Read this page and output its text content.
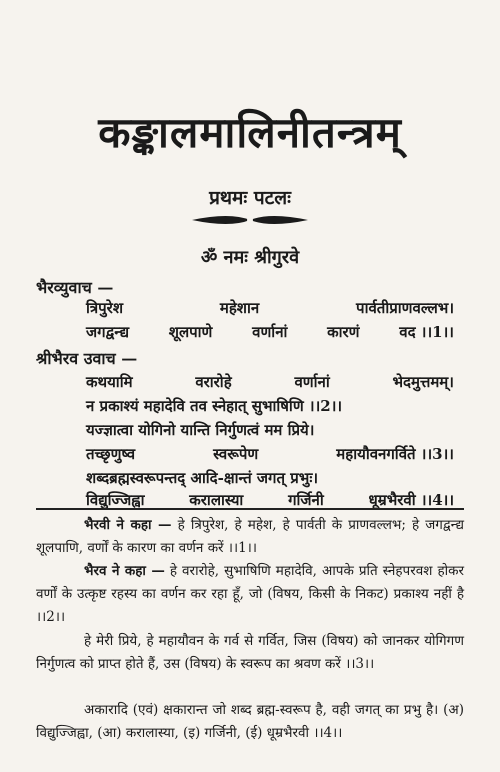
कङ्कालमालिनीतन्त्रम्
प्रथमः पटलः
ॐ नमः श्रीगुरवे
भैरव्युवाच —
त्रिपुरेश	महेशान	पार्वतीप्राणवल्लभ।
जगद्वन्द्य	शूलपाणे	वर्णानां	कारणं	वद ।।1।।
श्रीभैरव उवाच —
कथयामि	वरारोहे	वर्णानां	भेदमुत्तमम्।
न प्रकाश्यं महादेवि तव स्नेहात् सुभाषिणि ।।2।।
यज्ज्ञात्वा योगिनो यान्ति निर्गुणत्वं मम प्रिये।
तच्छृणुष्व	स्वरूपेण	महायौवनगर्विते ।।3।।
शब्दब्रह्मस्वरूपन्तद् आदि-क्षान्तं जगत् प्रभुः।
विद्युज्जिह्वा	करालास्या	गर्जिनी	धूम्रभैरवी ।।4।।
भैरवी ने कहा — हे त्रिपुरेश, हे महेश, हे पार्वती के प्राणवल्लभ; हे जगद्वन्द्य शूलपाणि, वर्णों के कारण का वर्णन करें ।।1।।
भैरव ने कहा — हे वरारोहे, सुभाषिणि महादेवि, आपके प्रति स्नेहपरवश होकर वर्णों के उत्कृष्ट रहस्य का वर्णन कर रहा हूँ, जो (विषय, किसी के निकट) प्रकाश्य नहीं है ।।2।।
हे मेरी प्रिये, हे महायौवन के गर्व से गर्वित, जिस (विषय) को जानकर योगिगण निर्गुणत्व को प्राप्त होते हैं, उस (विषय) के स्वरूप का श्रवण करें ।।3।।
अकारादि (एवं) क्षकारान्त जो शब्द ब्रह्म-स्वरूप है, वही जगत् का प्रभु है। (अ) विद्युज्जिह्वा, (आ) करालास्या, (इ) गर्जिनी, (ई) धूम्रभैरवी ।।4।।
